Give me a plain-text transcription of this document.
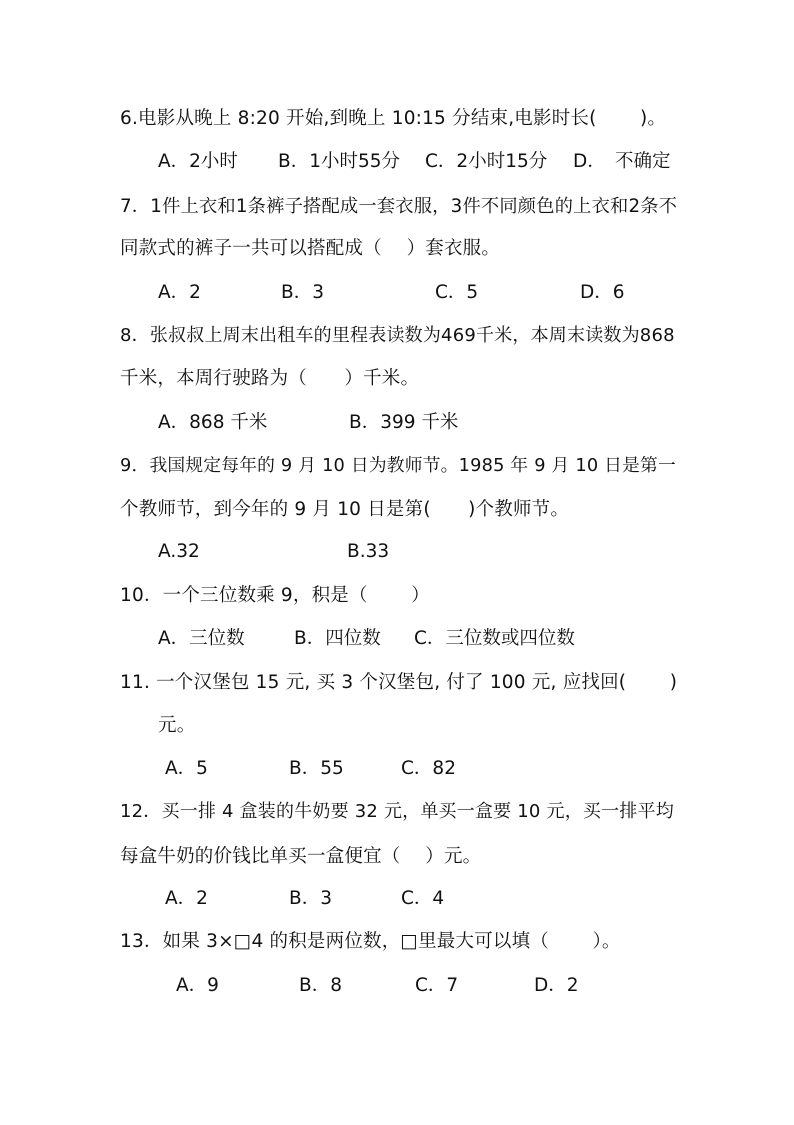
6.电影从晚上 8:20 开始,到晚上 10:15 分结束,电影时长(　　 )。
A．2小时 B．1小时55分 C．2小时15分 D．　不确定
7．1件上衣和1条裤子搭配成一套衣服，3件不同颜色的上衣和2条不
同款式的裤子一共可以搭配成（　 ）套衣服。
A．2	B．3	C．5	D．6
8．张叔叔上周末出租车的里程表读数为469千米，本周末读数为868
千米，本周行驶路为（　　）千米。
A．868 千米	B．399 千米
9．我国规定每年的 9 月 10 日为教师节。1985 年 9 月 10 日是第一
个教师节，到今年的 9 月 10 日是第(　　)个教师节。
A.32	B.33
10．一个三位数乘 9，积是（　　 ）
A．三位数	B．四位数 C．三位数或四位数
11. 一个汉堡包 15 元, 买 3 个汉堡包, 付了 100 元, 应找回(　　 )
元。
A．5	B．55	C．82
12．买一排 4 盒装的牛奶要 32 元，单买一盒要 10 元，买一排平均
每盒牛奶的价钱比单买一盒便宜（　 ）元。
A．2	B．3	C．4
13．如果 3×□4 的积是两位数，□里最大可以填（　　 ）。
A．9	B．8	C．7	D．2
